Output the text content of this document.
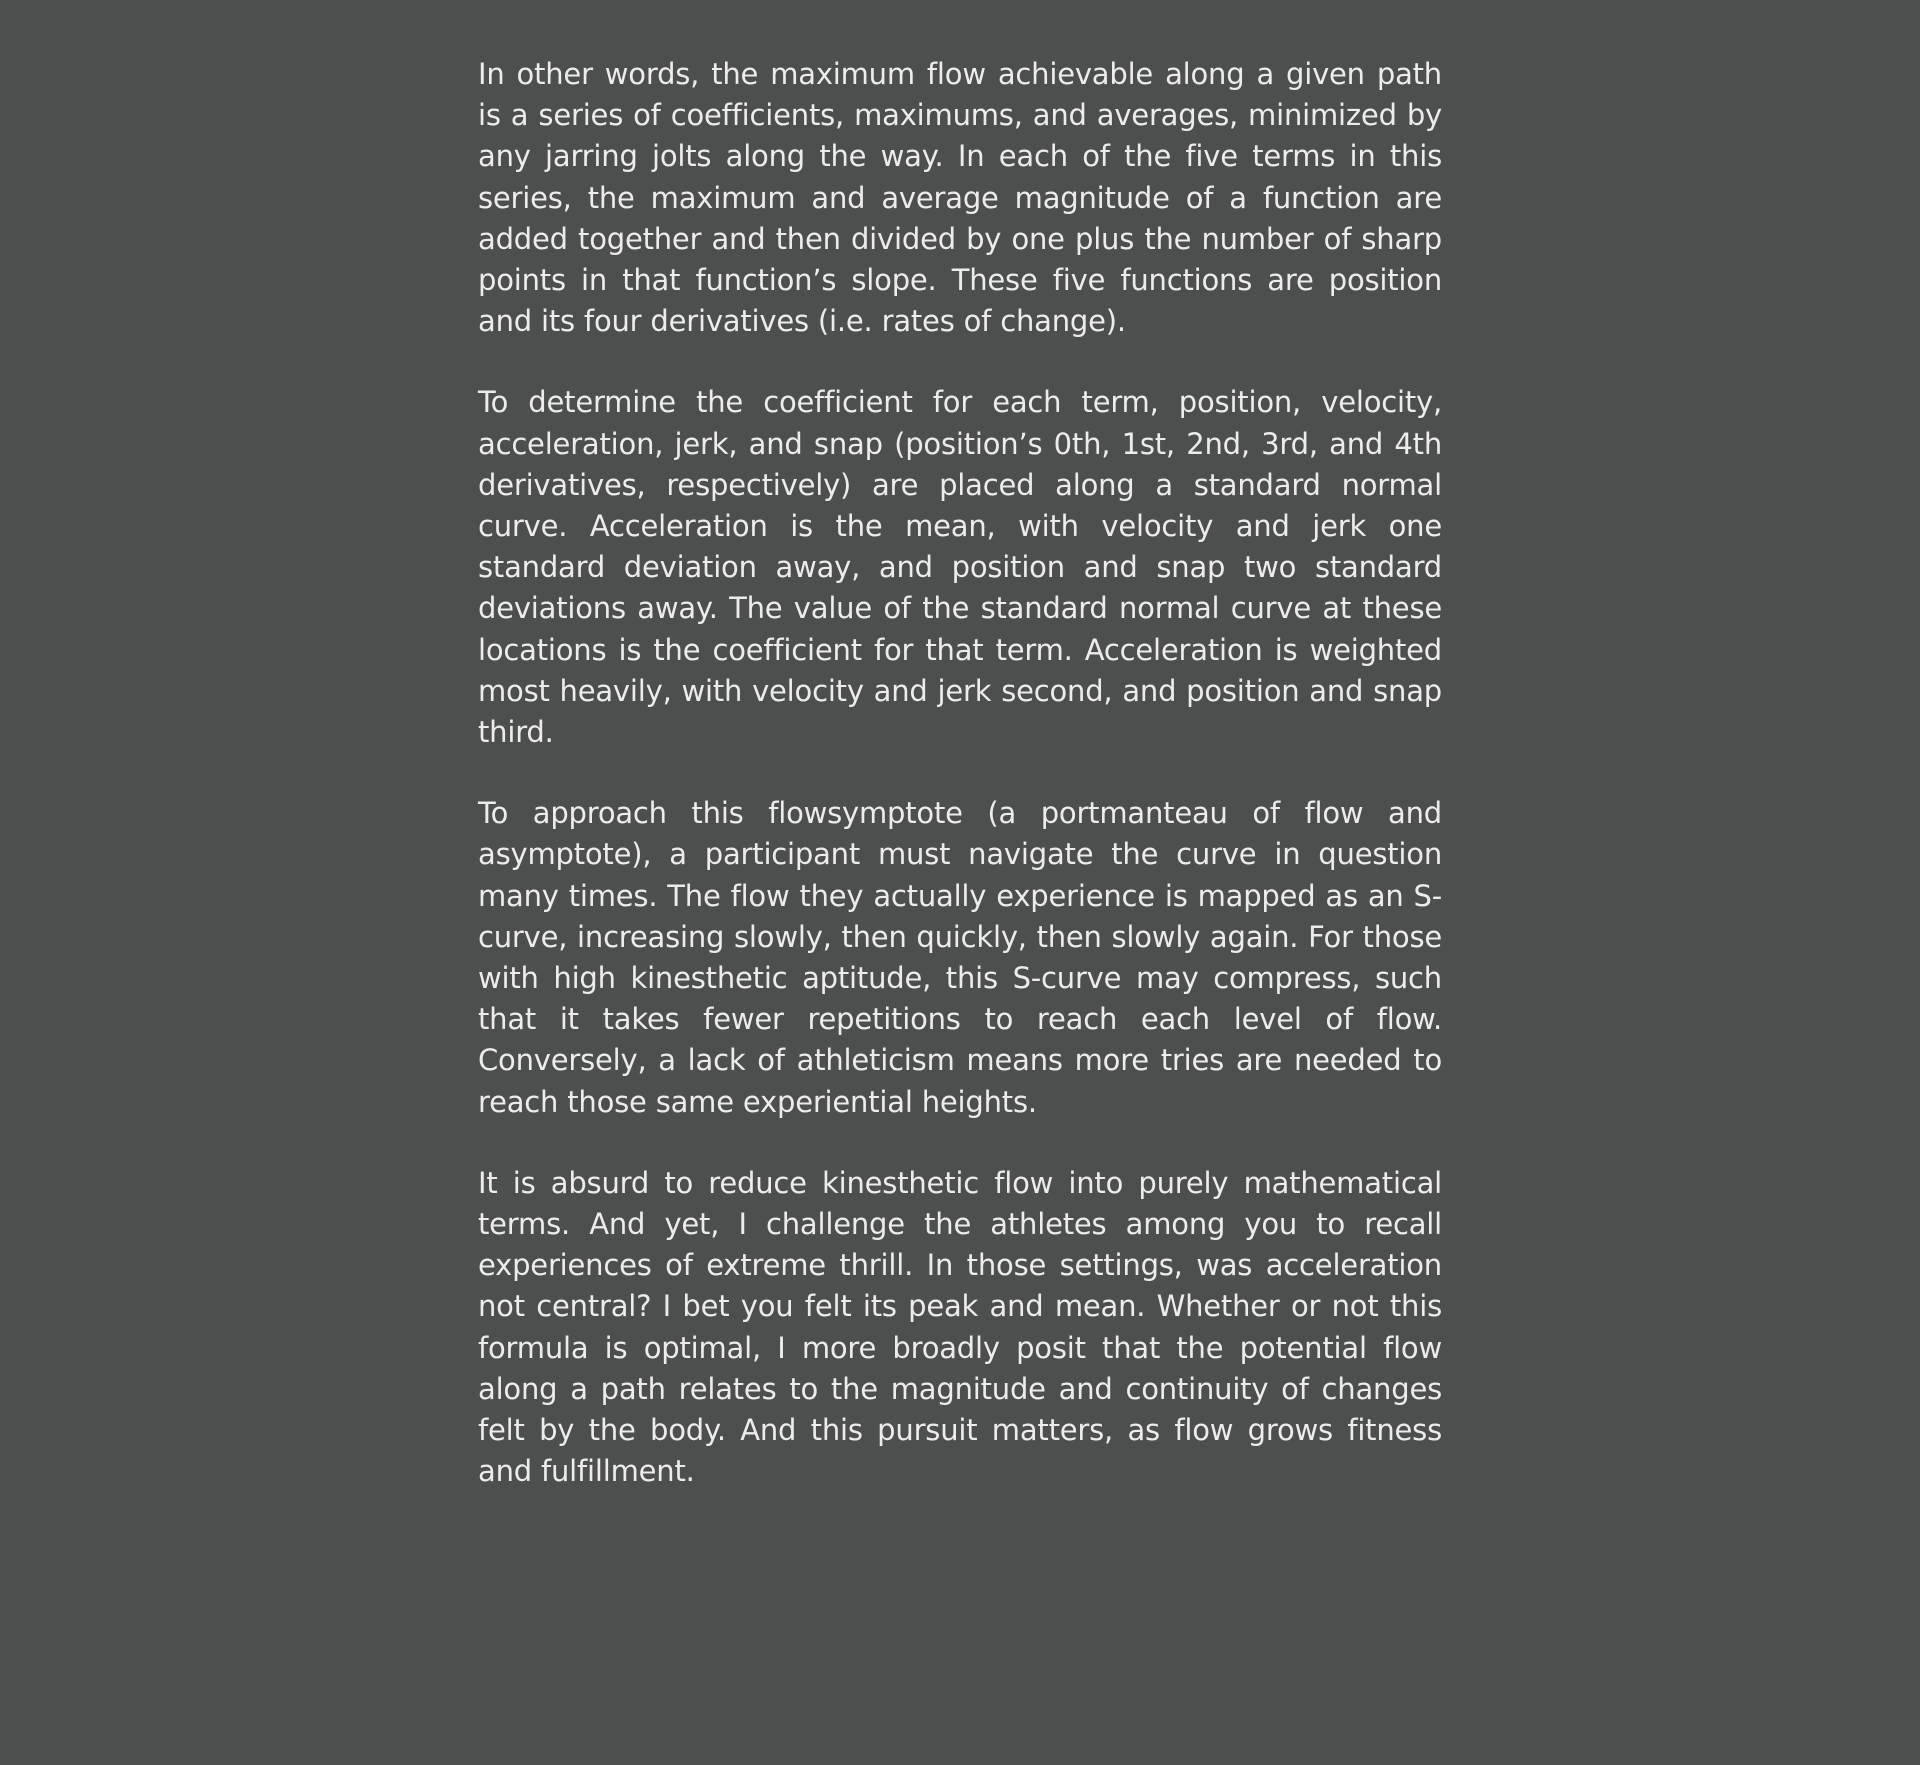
In other words, the maximum flow achievable along a given path is a series of coefficients, maximums, and averages, minimized by any jarring jolts along the way. In each of the five terms in this series, the maximum and average magnitude of a function are added together and then divided by one plus the number of sharp points in that function’s slope. These five functions are position and its four derivatives (i.e. rates of change).

To determine the coefficient for each term, position, velocity, acceleration, jerk, and snap (position’s 0th, 1st, 2nd, 3rd, and 4th derivatives, respectively) are placed along a standard normal curve. Acceleration is the mean, with velocity and jerk one standard deviation away, and position and snap two standard deviations away. The value of the standard normal curve at these locations is the coefficient for that term. Acceleration is weighted most heavily, with velocity and jerk second, and position and snap third.

To approach this flowsymptote (a portmanteau of flow and asymptote), a participant must navigate the curve in question many times. The flow they actually experience is mapped as an S-curve, increasing slowly, then quickly, then slowly again. For those with high kinesthetic aptitude, this S-curve may compress, such that it takes fewer repetitions to reach each level of flow. Conversely, a lack of athleticism means more tries are needed to reach those same experiential heights.

It is absurd to reduce kinesthetic flow into purely mathematical terms. And yet, I challenge the athletes among you to recall experiences of extreme thrill. In those settings, was acceleration not central? I bet you felt its peak and mean. Whether or not this formula is optimal, I more broadly posit that the potential flow along a path relates to the magnitude and continuity of changes felt by the body. And this pursuit matters, as flow grows fitness and fulfillment.
